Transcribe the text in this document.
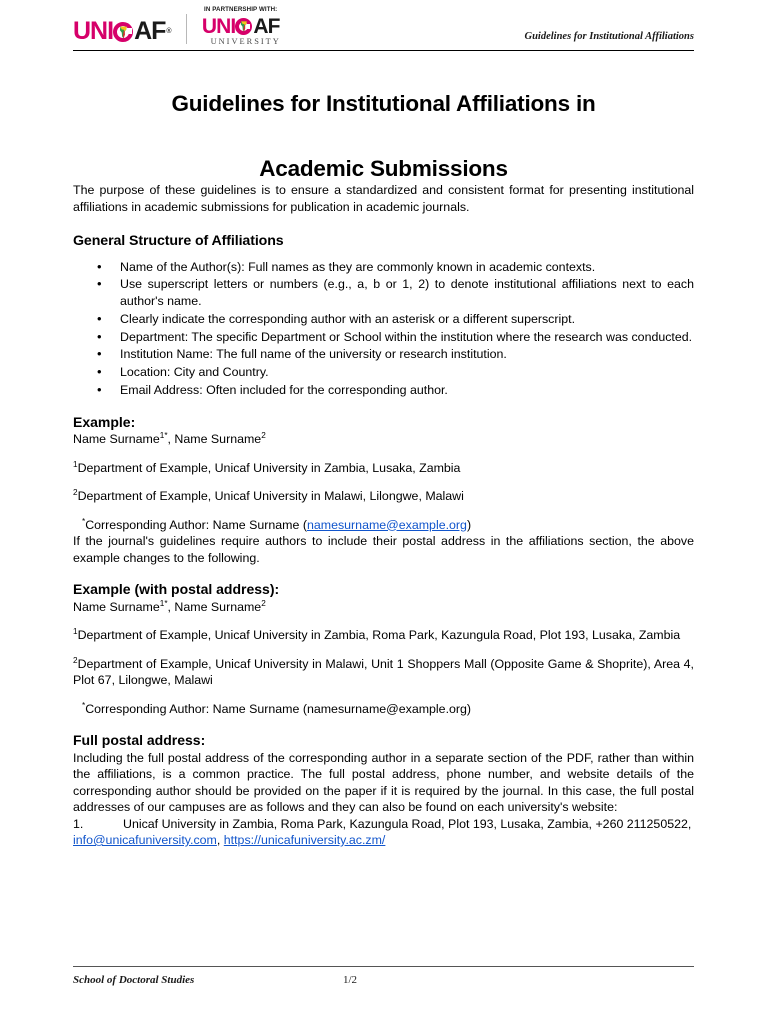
UNI AF ®
IN PARTNERSHIP WITH:
UNI AF
UNIVERSITY	Guidelines for Institutional Affiliations
Guidelines for Institutional Affiliations in
Academic Submissions

The purpose of these guidelines is to ensure a standardized and consistent format for presenting institutional affiliations in academic submissions for publication in academic journals.

General Structure of Affiliations
• Name of the Author(s): Full names as they are commonly known in academic contexts.
• Use superscript letters or numbers (e.g., a, b or 1, 2) to denote institutional affiliations next to each author's name.
• Clearly indicate the corresponding author with an asterisk or a different superscript.
• Department: The specific Department or School within the institution where the research was conducted.
• Institution Name: The full name of the university or research institution.
• Location: City and Country.
• Email Address: Often included for the corresponding author.
Example:

Name Surname$^{1*}$, Name Surname$^2$

$^1$Department of Example, Unicaf University in Zambia, Lusaka, Zambia

$^2$Department of Example, Unicaf University in Malawi, Lilongwe, Malawi

*Corresponding Author: Name Surname (namesurname@example.org)

If the journal's guidelines require authors to include their postal address in the affiliations section, the above example changes to the following.

Example (with postal address):

Name Surname$^{1*}$, Name Surname$^2$

$^1$Department of Example, Unicaf University in Zambia, Roma Park, Kazungula Road, Plot 193, Lusaka, Zambia

$^2$Department of Example, Unicaf University in Malawi, Unit 1 Shoppers Mall (Opposite Game & Shoprite), Area 4, Plot 67, Lilongwe, Malawi

*Corresponding Author: Name Surname (namesurname@example.org)

Full postal address:

Including the full postal address of the corresponding author in a separate section of the PDF, rather than within the affiliations, is a common practice. The full postal address, phone number, and website details of the corresponding author should be provided on the paper if it is required by the journal. In this case, the full postal addresses of our campuses are as follows and they can also be found on each university's website:

1.	Unicaf University in Zambia, Roma Park, Kazungula Road, Plot 193, Lusaka, Zambia, +260 211250522, info@unicafuniversity.com, https://unicafuniversity.ac.zm/

School of Doctoral Studies	1/2
